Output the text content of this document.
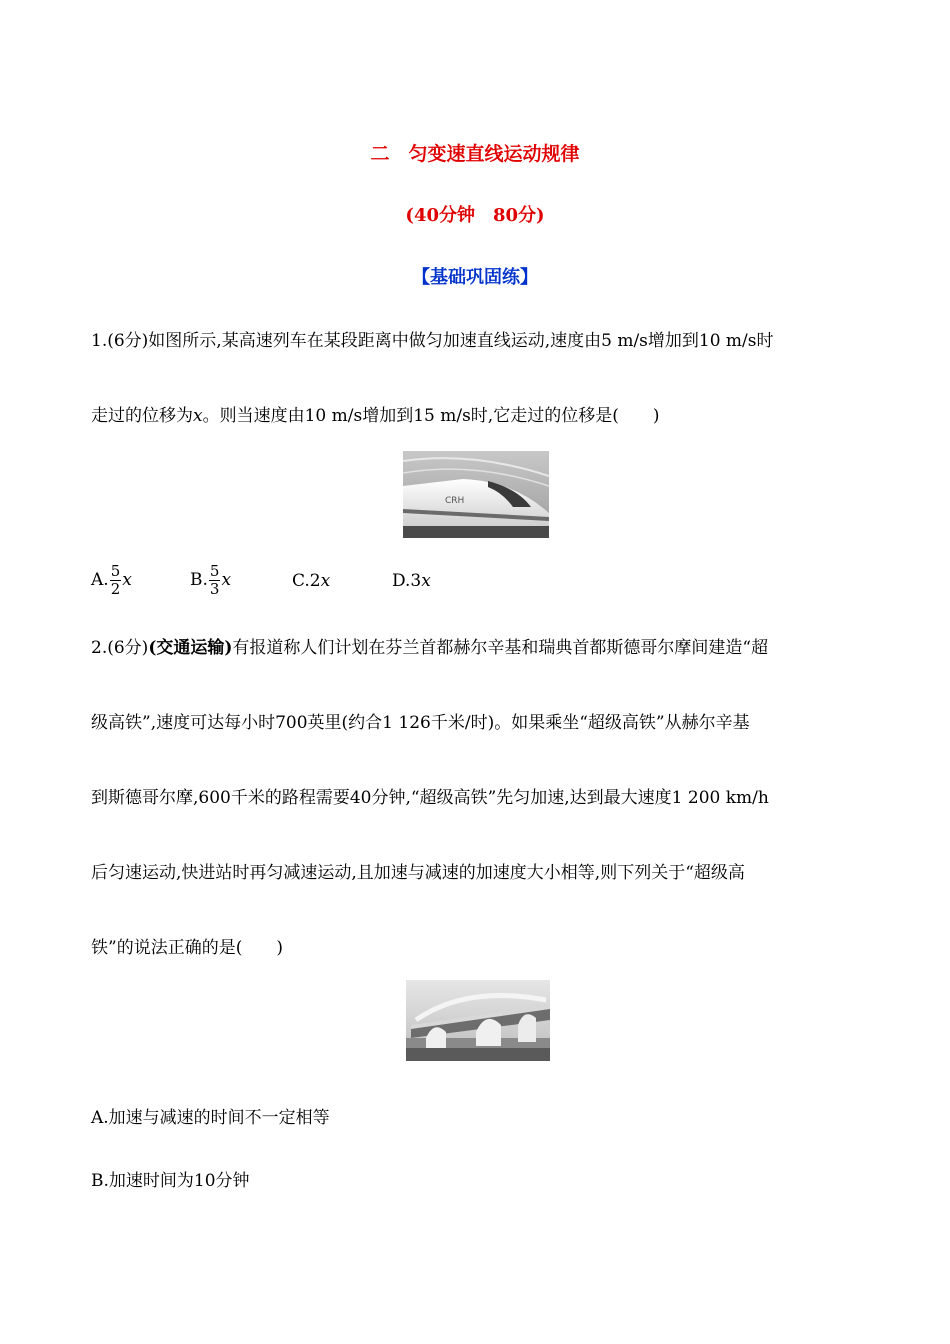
二　匀变速直线运动规律
(40分钟　80分)
【基础巩固练】
1.(6分)如图所示,某高速列车在某段距离中做匀加速直线运动,速度由5 m/s增加到10 m/s时
走过的位移为x。则当速度由10 m/s增加到15 m/s时,它走过的位移是(　　)
CRH
A. $\frac{5}{2}$ x	B. $\frac{5}{3}$ x	C.2x	D.3x
2.(6分)(交通运输)有报道称人们计划在芬兰首都赫尔辛基和瑞典首都斯德哥尔摩间建造“超
级高铁”,速度可达每小时700英里(约合1 126千米/时)。如果乘坐“超级高铁”从赫尔辛基
到斯德哥尔摩,600千米的路程需要40分钟,“超级高铁”先匀加速,达到最大速度1 200 km/h
后匀速运动,快进站时再匀减速运动,且加速与减速的加速度大小相等,则下列关于“超级高
铁”的说法正确的是(　　)
A.加速与减速的时间不一定相等
B.加速时间为10分钟
